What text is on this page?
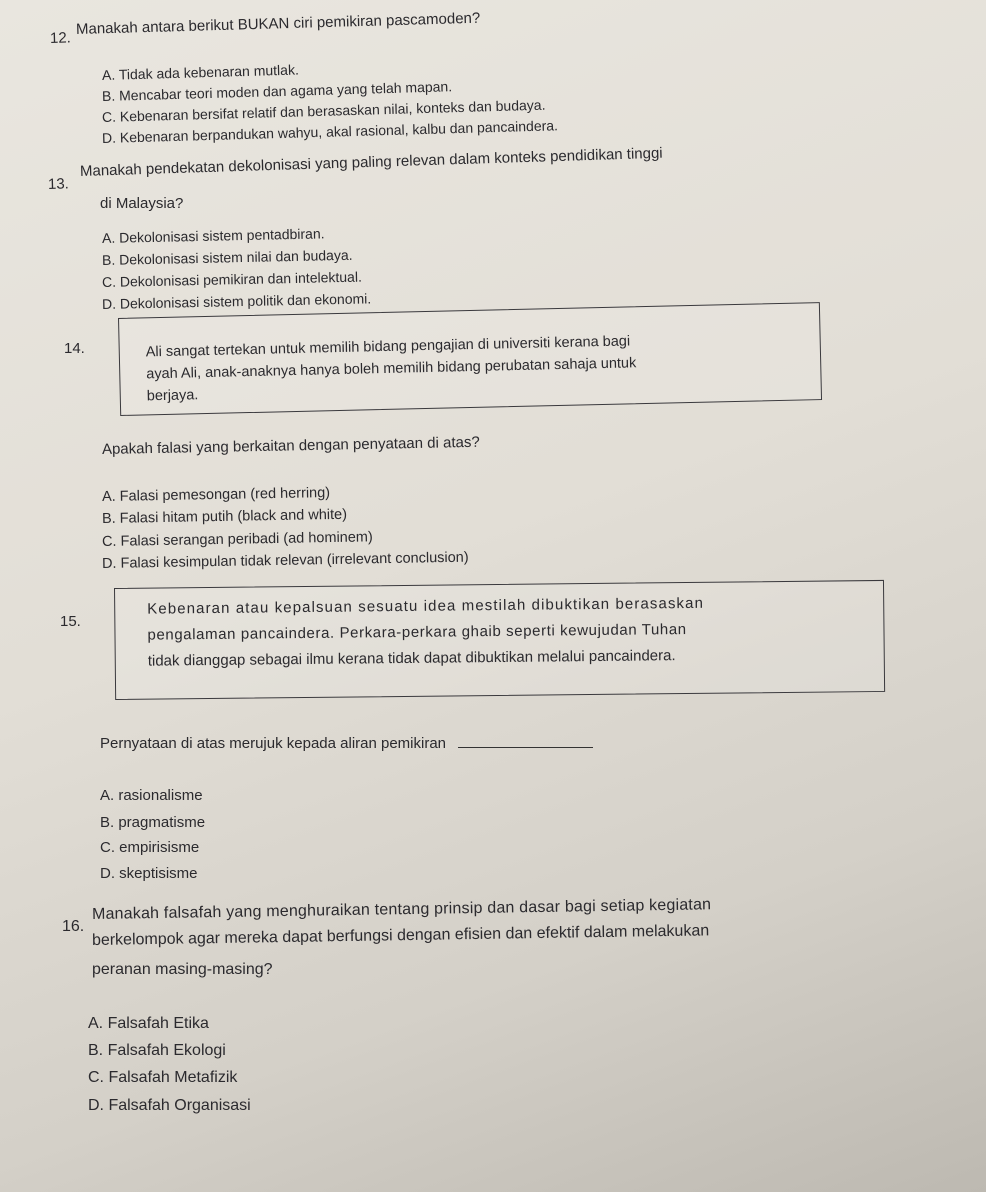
12.
Manakah antara berikut BUKAN ciri pemikiran pascamoden?
A. Tidak ada kebenaran mutlak.
B. Mencabar teori moden dan agama yang telah mapan.
C. Kebenaran bersifat relatif dan berasaskan nilai, konteks dan budaya.
D. Kebenaran berpandukan wahyu, akal rasional, kalbu dan pancaindera.
13.
Manakah pendekatan dekolonisasi yang paling relevan dalam konteks pendidikan tinggi
di Malaysia?
A. Dekolonisasi sistem pentadbiran.
B. Dekolonisasi sistem nilai dan budaya.
C. Dekolonisasi pemikiran dan intelektual.
D. Dekolonisasi sistem politik dan ekonomi.
14.	Ali sangat tertekan untuk memilih bidang pengajian di universiti kerana bagi
ayah Ali, anak-anaknya hanya boleh memilih bidang perubatan sahaja untuk
berjaya.
Apakah falasi yang berkaitan dengan penyataan di atas?
A. Falasi pemesongan (red herring)
B. Falasi hitam putih (black and white)
C. Falasi serangan peribadi (ad hominem)
D. Falasi kesimpulan tidak relevan (irrelevant conclusion)
15.
Kebenaran atau kepalsuan sesuatu idea mestilah dibuktikan berasaskan
pengalaman pancaindera. Perkara-perkara ghaib seperti kewujudan Tuhan
tidak dianggap sebagai ilmu kerana tidak dapat dibuktikan melalui pancaindera.
Pernyataan di atas merujuk kepada aliran pemikiran
A. rasionalisme
B. pragmatisme
C. empirisisme
D. skeptisisme
16.
Manakah falsafah yang menghuraikan tentang prinsip dan dasar bagi setiap kegiatan
berkelompok agar mereka dapat berfungsi dengan efisien dan efektif dalam melakukan
peranan masing-masing?
A. Falsafah Etika
B. Falsafah Ekologi
C. Falsafah Metafizik
D. Falsafah Organisasi
